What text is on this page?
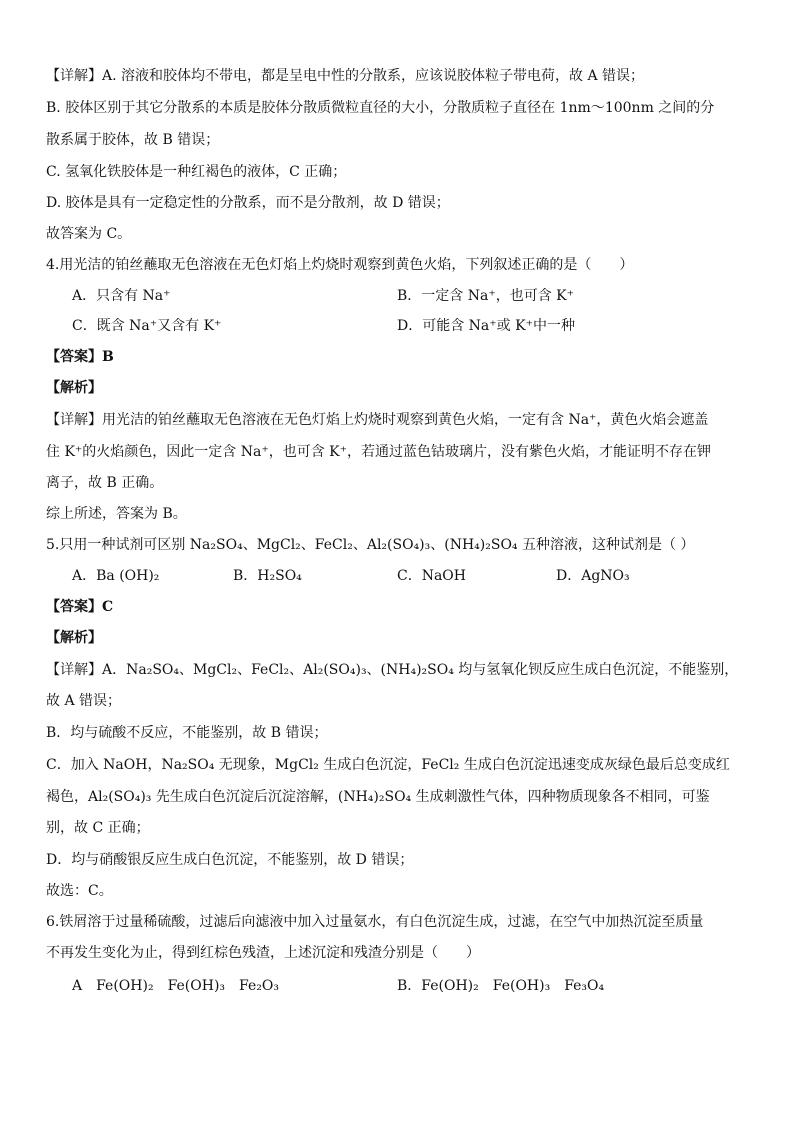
【详解】A. 溶液和胶体均不带电，都是呈电中性的分散系，应该说胶体粒子带电荷，故 A 错误；
B. 胶体区别于其它分散系的本质是胶体分散质微粒直径的大小，分散质粒子直径在 1nm～100nm 之间的分
散系属于胶体，故 B 错误；
C. 氢氧化铁胶体是一种红褐色的液体，C 正确；
D. 胶体是具有一定稳定性的分散系，而不是分散剂，故 D 错误；
故答案为 C。
4.用光洁的铂丝蘸取无色溶液在无色灯焰上灼烧时观察到黄色火焰，下列叙述正确的是（　　）
A．只含有 Na⁺	B．一定含 Na⁺，也可含 K⁺
C．既含 Na⁺又含有 K⁺	D．可能含 Na⁺或 K⁺中一种
【答案】B
【解析】
【详解】用光洁的铂丝蘸取无色溶液在无色灯焰上灼烧时观察到黄色火焰，一定有含 Na⁺，黄色火焰会遮盖
住 K⁺的火焰颜色，因此一定含 Na⁺，也可含 K⁺，若通过蓝色钴玻璃片，没有紫色火焰，才能证明不存在钾
离子，故 B 正确。
综上所述，答案为 B。
5.只用一种试剂可区别 Na₂SO₄、MgCl₂、FeCl₂、Al₂(SO₄)₃、(NH₄)₂SO₄ 五种溶液，这种试剂是（ ）
A．Ba (OH)₂	B．H₂SO₄	C．NaOH	D．AgNO₃
【答案】C
【解析】
【详解】A．Na₂SO₄、MgCl₂、FeCl₂、Al₂(SO₄)₃、(NH₄)₂SO₄ 均与氢氧化钡反应生成白色沉淀，不能鉴别，
故 A 错误；
B．均与硫酸不反应，不能鉴别，故 B 错误；
C．加入 NaOH，Na₂SO₄ 无现象，MgCl₂ 生成白色沉淀，FeCl₂ 生成白色沉淀迅速变成灰绿色最后总变成红
褐色，Al₂(SO₄)₃ 先生成白色沉淀后沉淀溶解，(NH₄)₂SO₄ 生成刺激性气体，四种物质现象各不相同，可鉴
别，故 C 正确；
D．均与硝酸银反应生成白色沉淀，不能鉴别，故 D 错误；
故选：C。
6.铁屑溶于过量稀硫酸，过滤后向滤液中加入过量氨水，有白色沉淀生成，过滤，在空气中加热沉淀至质量
不再发生变化为止，得到红棕色残渣，上述沉淀和残渣分别是（　　）
A　Fe(OH)₂　Fe(OH)₃　Fe₂O₃	B．Fe(OH)₂　Fe(OH)₃　Fe₃O₄
